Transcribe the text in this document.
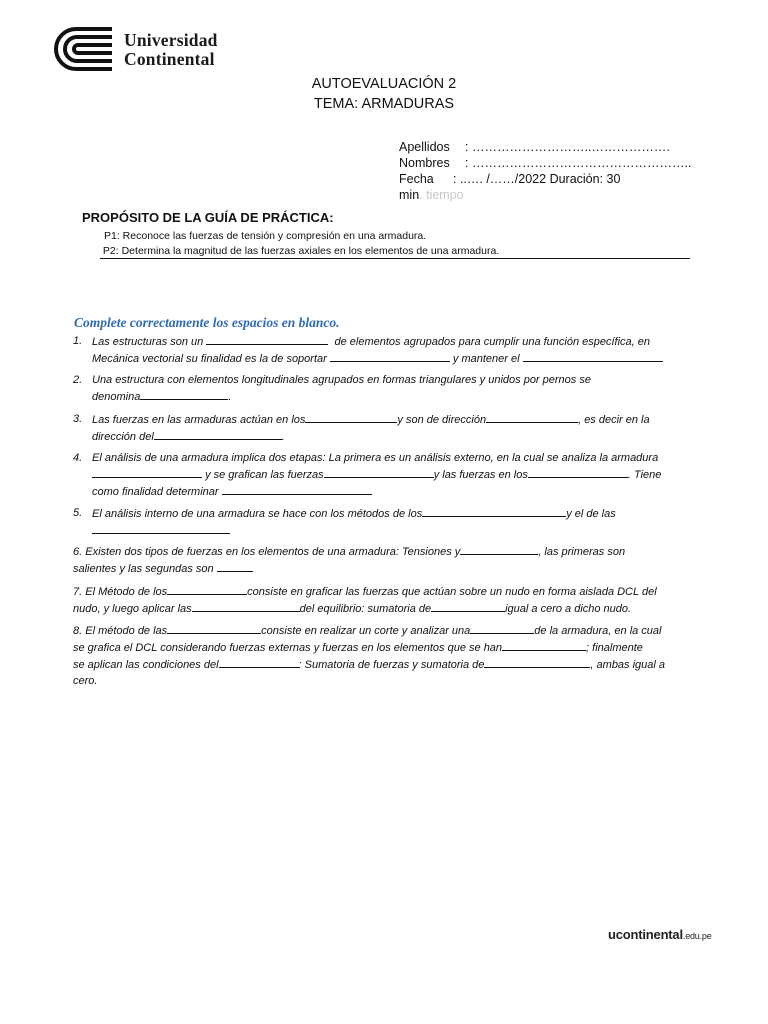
Universidad
Continental
AUTOEVALUACIÓN 2
TEMA: ARMADURAS
Apellidos : ………………………..……………….
Nombres : ……………………………………………..
Fecha : ..…. /……/2022 Duración: 30
min. tiempo
PROPÓSITO DE LA GUÍA DE PRÁCTICA:
P1: Reconoce las fuerzas de tensión y compresión en una armadura.
P2: Determina la magnitud de las fuerzas axiales en los elementos de una armadura.
Complete correctamente los espacios en blanco.
1. Las estructuras son un	de elementos agrupados para cumplir una función específica, en
Mecánica vectorial su finalidad es la de soportar	y mantener el
2. Una estructura con elementos longitudinales agrupados en formas triangulares y unidos por pernos se
denomina	.
3. Las fuerzas en las armaduras actúan en los	y son de dirección	, es decir en la
dirección del	.
4. El análisis de una armadura implica dos etapas: La primera es un análisis externo, en la cual se analiza la armadura
y se grafican las fuerzas	y las fuerzas en los	. Tiene
como finalidad determinar
5. El análisis interno de una armadura se hace con los métodos de los	y el de las

6. Existen dos tipos de fuerzas en los elementos de una armadura: Tensiones y	, las primeras son
salientes y las segundas son
7. El Método de los	consiste en graficar las fuerzas que actúan sobre un nudo en forma aislada DCL del
nudo, y luego aplicar las	del equilibrio: sumatoria de	igual a cero a dicho nudo.
8. El método de las	consiste en realizar un corte y analizar una	de la armadura, en la cual
se grafica el DCL considerando fuerzas externas y fuerzas en los elementos que se han	; finalmente
se aplican las condiciones del	: Sumatoria de fuerzas y sumatoria de	, ambas igual a
cero.
ucontinental.edu.pe
